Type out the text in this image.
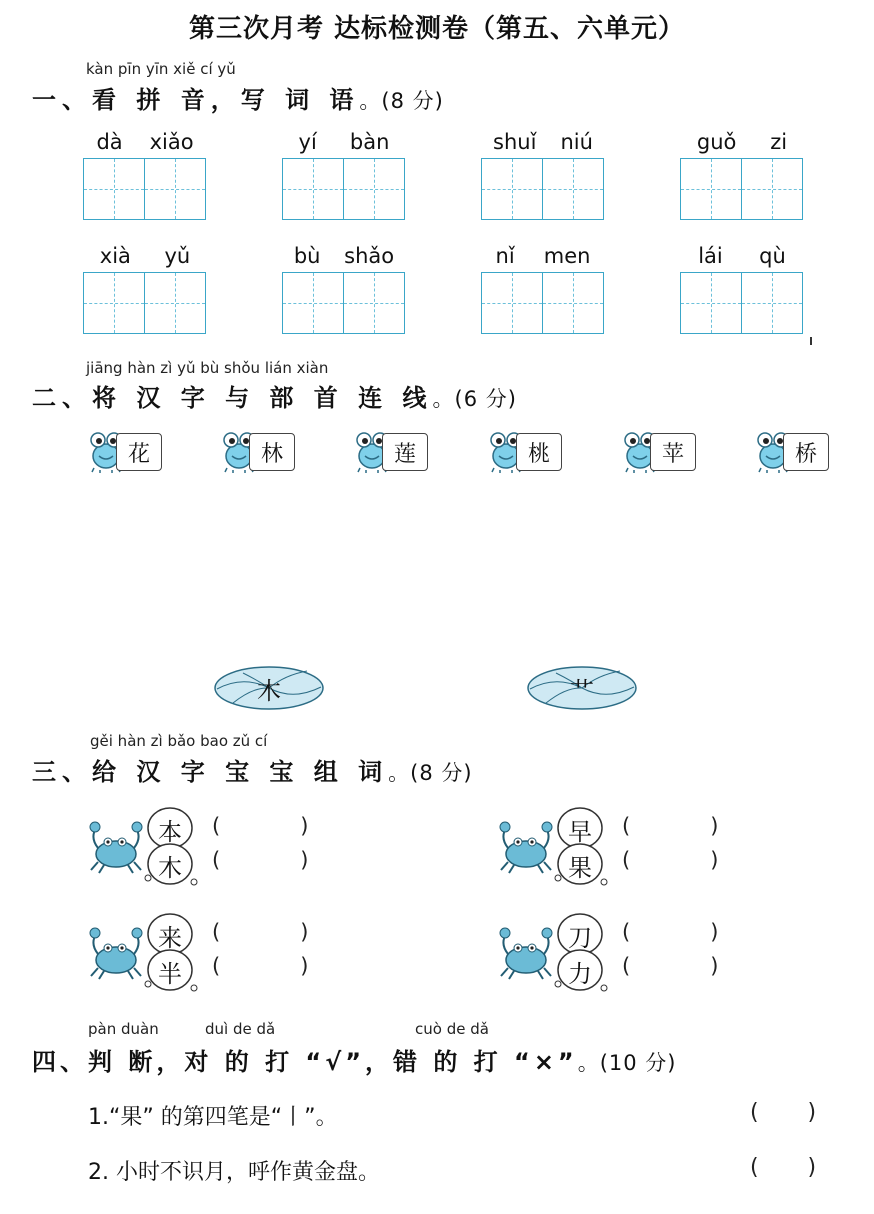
第三次月考 达标检测卷（第五、六单元）
kàn pīn yīn xiě cí yǔ
一、看 拼 音，写 词 语。(8 分)
dà xiǎo	yí bàn	shuǐ niú	guǒ zi
xià yǔ	bù shǎo	nǐ men	lái qù
jiāng hàn zì yǔ bù shǒu lián xiàn
二、将 汉 字 与 部 首 连 线。(6 分)
花	林	莲	桃	苹	桥
木	艹
gěi hàn zì bǎo bao zǔ cí
三、给 汉 字 宝 宝 组 词。(8 分)
本
木
(            )
(            )
早
果
(            )
(            )
来
半
(            )
(            )
刀
力
(            )
(            )
pàn duàn	duì de dǎ	cuò de dǎ
四、判 断，对 的 打 “√”，错 的 打 “×”。(10 分)
1.“果” 的第四笔是“丨”。	(       )
2. 小时不识月，呼作黄金盘。	(       )
